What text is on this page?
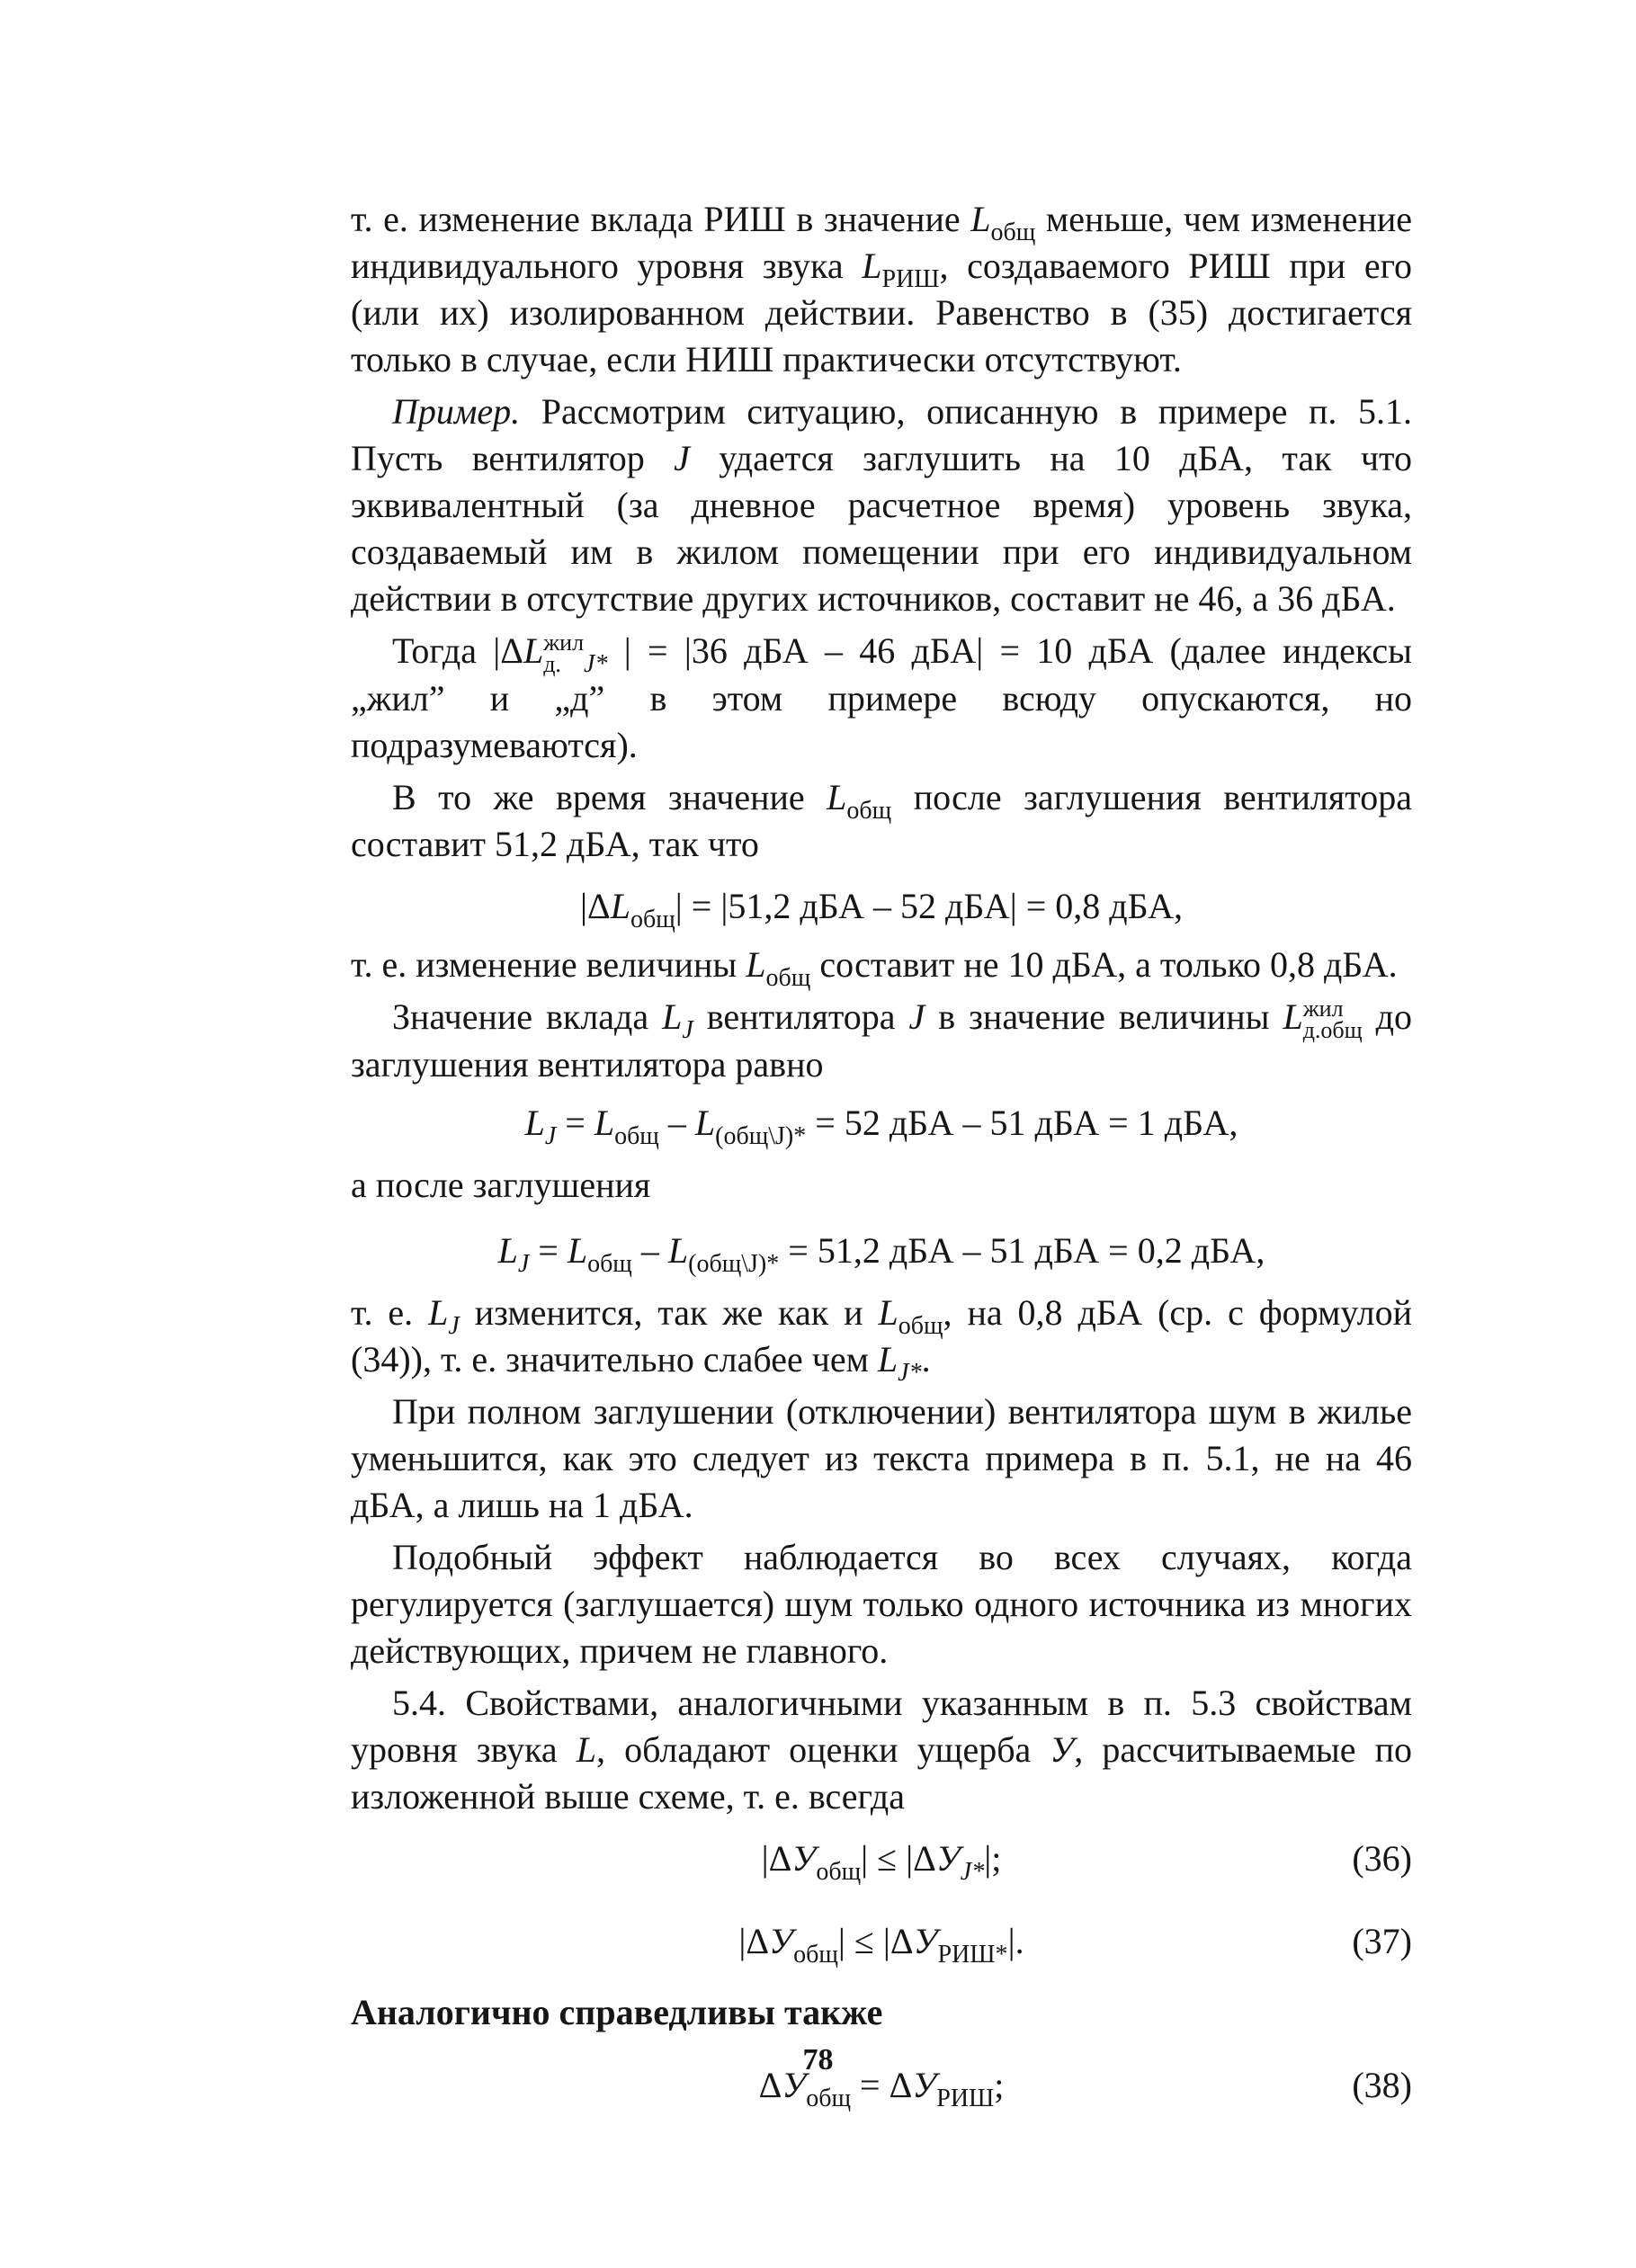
т. е. изменение вклада РИШ в значение $L_{общ}$ меньше, чем изменение индивидуального уровня звука $L_{РИШ}$, создаваемого РИШ при его (или их) изолированном действии. Равенство в (35) достигается только в случае, если НИШ практически отсутствуют.

Пример. Рассмотрим ситуацию, описанную в примере п. 5.1. Пусть вентилятор J удается заглушить на 10 дБА, так что эквивалентный (за дневное расчетное время) уровень звука, создаваемый им в жилом помещении при его индивидуальном действии в отсутствие других источников, составит не 46, а 36 дБА.

Тогда |ΔL жил
д. $_{J*}$ | = |36 дБА – 46 дБА| = 10 дБА (далее индексы „жил” и „д” в этом примере всюду опускаются, но подразумеваются).

В то же время значение $L_{общ}$ после заглушения вентилятора составит 51,2 дБА, так что

$|\Delta L_{общ}| = |51,2$ дБА – 52 дБА| = 0,8 дБА,

т. е. изменение величины $L_{общ}$ составит не 10 дБА, а только 0,8 дБА.

Значение вклада $L_J$ вентилятора J в значение величины L жил
д.общ до заглушения вентилятора равно

$L_J = L_{общ} - L_{(общ\backslash J)*} = 52$ дБА – 51 дБА = 1 дБА,

а после заглушения

$L_J = L_{общ} - L_{(общ\backslash J)*} = 51,2$ дБА – 51 дБА = 0,2 дБА,

т. е. $L_J$ изменится, так же как и $L_{общ}$, на 0,8 дБА (ср. с формулой (34)), т. е. значительно слабее чем $L_{J*}$.

При полном заглушении (отключении) вентилятора шум в жилье уменьшится, как это следует из текста примера в п. 5.1, не на 46 дБА, а лишь на 1 дБА.

Подобный эффект наблюдается во всех случаях, когда регулируется (заглушается) шум только одного источника из многих действующих, причем не главного.

5.4. Свойствами, аналогичными указанным в п. 5.3 свойствам уровня звука L, обладают оценки ущерба У, рассчитываемые по изложенной выше схеме, т. е. всегда

$|\Delta У_{общ}| \le |\Delta У_{J*}|$;	(36)
$|\Delta У_{общ}| \le |\Delta У_{РИШ*}|$.	(37)

Аналогично справедливы также

$\Delta У_{общ} = \Delta У_{РИШ}$;	(38)
78
